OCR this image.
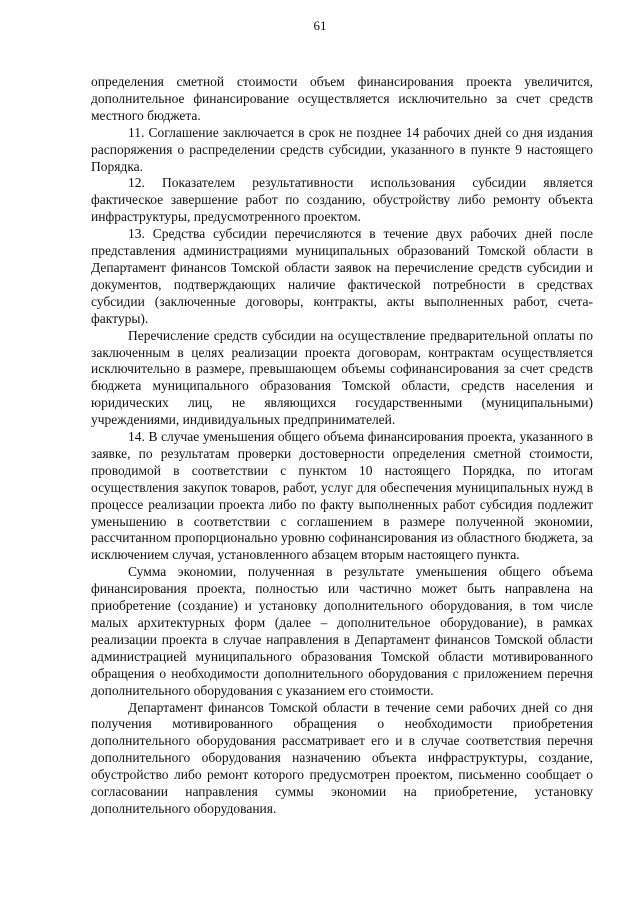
61

определения сметной стоимости объем финансирования проекта увеличится, дополнительное финансирование осуществляется исключительно за счет средств местного бюджета.

11. Соглашение заключается в срок не позднее 14 рабочих дней со дня издания распоряжения о распределении средств субсидии, указанного в пункте 9 настоящего Порядка.

12. Показателем результативности использования субсидии является фактическое завершение работ по созданию, обустройству либо ремонту объекта инфраструктуры, предусмотренного проектом.

13. Средства субсидии перечисляются в течение двух рабочих дней после представления администрациями муниципальных образований Томской области в Департамент финансов Томской области заявок на перечисление средств субсидии и документов, подтверждающих наличие фактической потребности в средствах субсидии (заключенные договоры, контракты, акты выполненных работ, счета-фактуры).

Перечисление средств субсидии на осуществление предварительной оплаты по заключенным в целях реализации проекта договорам, контрактам осуществляется исключительно в размере, превышающем объемы софинансирования за счет средств бюджета муниципального образования Томской области, средств населения и юридических лиц, не являющихся государственными (муниципальными) учреждениями, индивидуальных предпринимателей.

14. В случае уменьшения общего объема финансирования проекта, указанного в заявке, по результатам проверки достоверности определения сметной стоимости, проводимой в соответствии с пунктом 10 настоящего Порядка, по итогам осуществления закупок товаров, работ, услуг для обеспечения муниципальных нужд в процессе реализации проекта либо по факту выполненных работ субсидия подлежит уменьшению в соответствии с соглашением в размере полученной экономии, рассчитанном пропорционально уровню софинансирования из областного бюджета, за исключением случая, установленного абзацем вторым настоящего пункта.

Сумма экономии, полученная в результате уменьшения общего объема финансирования проекта, полностью или частично может быть направлена на приобретение (создание) и установку дополнительного оборудования, в том числе малых архитектурных форм (далее – дополнительное оборудование), в рамках реализации проекта в случае направления в Департамент финансов Томской области администрацией муниципального образования Томской области мотивированного обращения о необходимости дополнительного оборудования с приложением перечня дополнительного оборудования с указанием его стоимости.

Департамент финансов Томской области в течение семи рабочих дней со дня получения мотивированного обращения о необходимости приобретения дополнительного оборудования рассматривает его и в случае соответствия перечня дополнительного оборудования назначению объекта инфраструктуры, создание, обустройство либо ремонт которого предусмотрен проектом, письменно сообщает о согласовании направления суммы экономии на приобретение, установку дополнительного оборудования.
